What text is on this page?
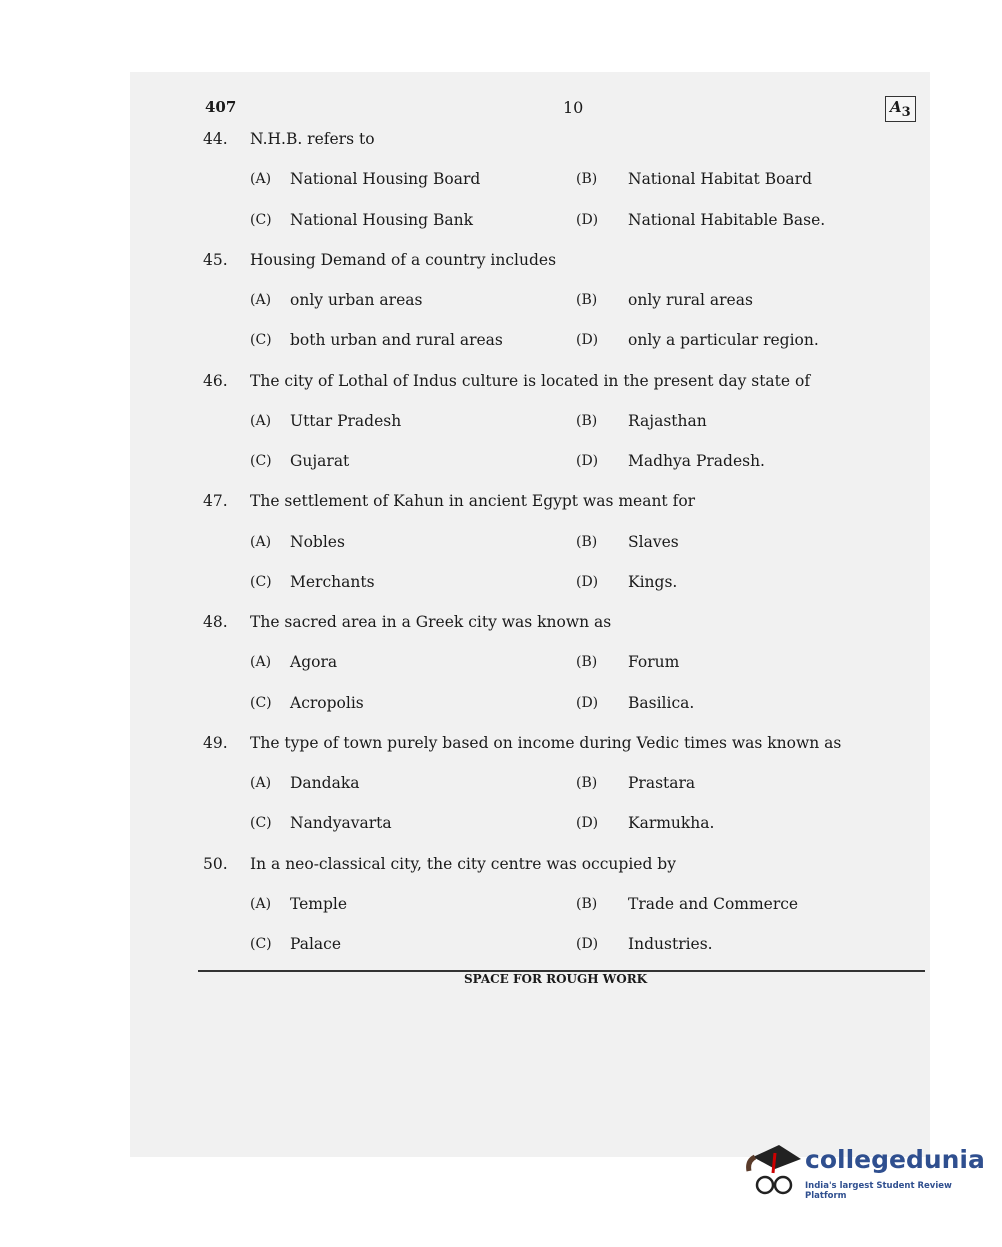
407	10	$A_3$
44.	N.H.B. refers to
(A)	National Housing Board	(B)	National Habitat Board
(C)	National Housing Bank	(D)	National Habitable Base.
45.	Housing Demand of a country includes
(A)	only urban areas	(B)	only rural areas
(C)	both urban and rural areas	(D)	only a particular region.
46.	The city of Lothal of Indus culture is located in the present day state of
(A)	Uttar Pradesh	(B)	Rajasthan
(C)	Gujarat	(D)	Madhya Pradesh.
47.	The settlement of Kahun in ancient Egypt was meant for
(A)	Nobles	(B)	Slaves
(C)	Merchants	(D)	Kings.
48.	The sacred area in a Greek city was known as
(A)	Agora	(B)	Forum
(C)	Acropolis	(D)	Basilica.
49.	The type of town purely based on income during Vedic times was known as
(A)	Dandaka	(B)	Prastara
(C)	Nandyavarta	(D)	Karmukha.
50.	In a neo-classical city, the city centre was occupied by
(A)	Temple	(B)	Trade and Commerce
(C)	Palace	(D)	Industries.
SPACE FOR ROUGH WORK
collegedunia
India's largest Student Review Platform
